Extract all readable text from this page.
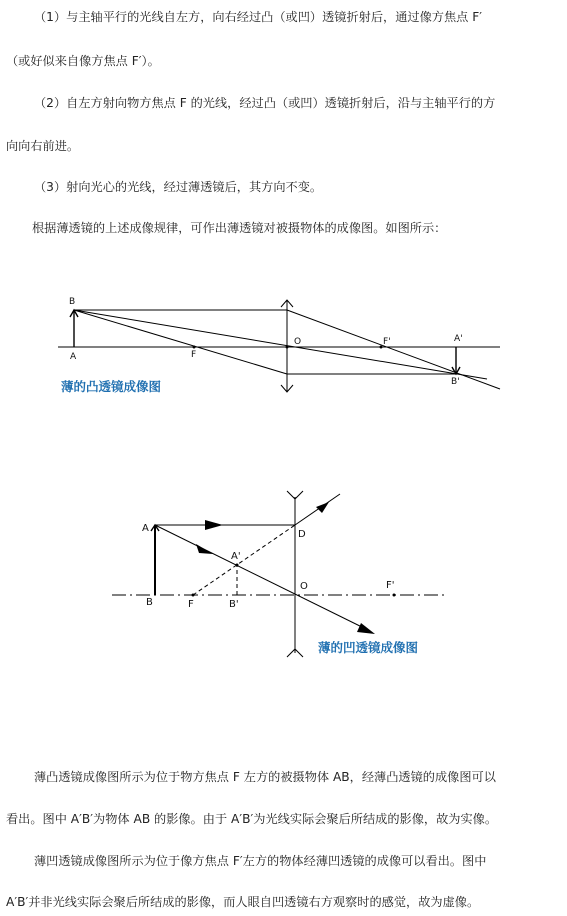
（1）与主轴平行的光线自左方，向右经过凸（或凹）透镜折射后，通过像方焦点 F′
（或好似来自像方焦点 F′）。
（2）自左方射向物方焦点 F 的光线，经过凸（或凹）透镜折射后，沿与主轴平行的方
向向右前进。
（3）射向光心的光线，经过薄透镜后，其方向不变。
根据薄透镜的上述成像规律，可作出薄透镜对被摄物体的成像图。如图所示：
B
A	F
O	F'	A'
B'
薄的凸透镜成像图
A
B	F	B'
A'
D
O	F'
薄的凹透镜成像图
薄凸透镜成像图所示为位于物方焦点 F 左方的被摄物体 AB，经薄凸透镜的成像图可以
看出。图中 A′B′为物体 AB 的影像。由于 A′B′为光线实际会聚后所结成的影像，故为实像。
薄凹透镜成像图所示为位于像方焦点 F′左方的物体经薄凹透镜的成像可以看出。图中
A′B′并非光线实际会聚后所结成的影像，而人眼自凹透镜右方观察时的感觉，故为虚像。
